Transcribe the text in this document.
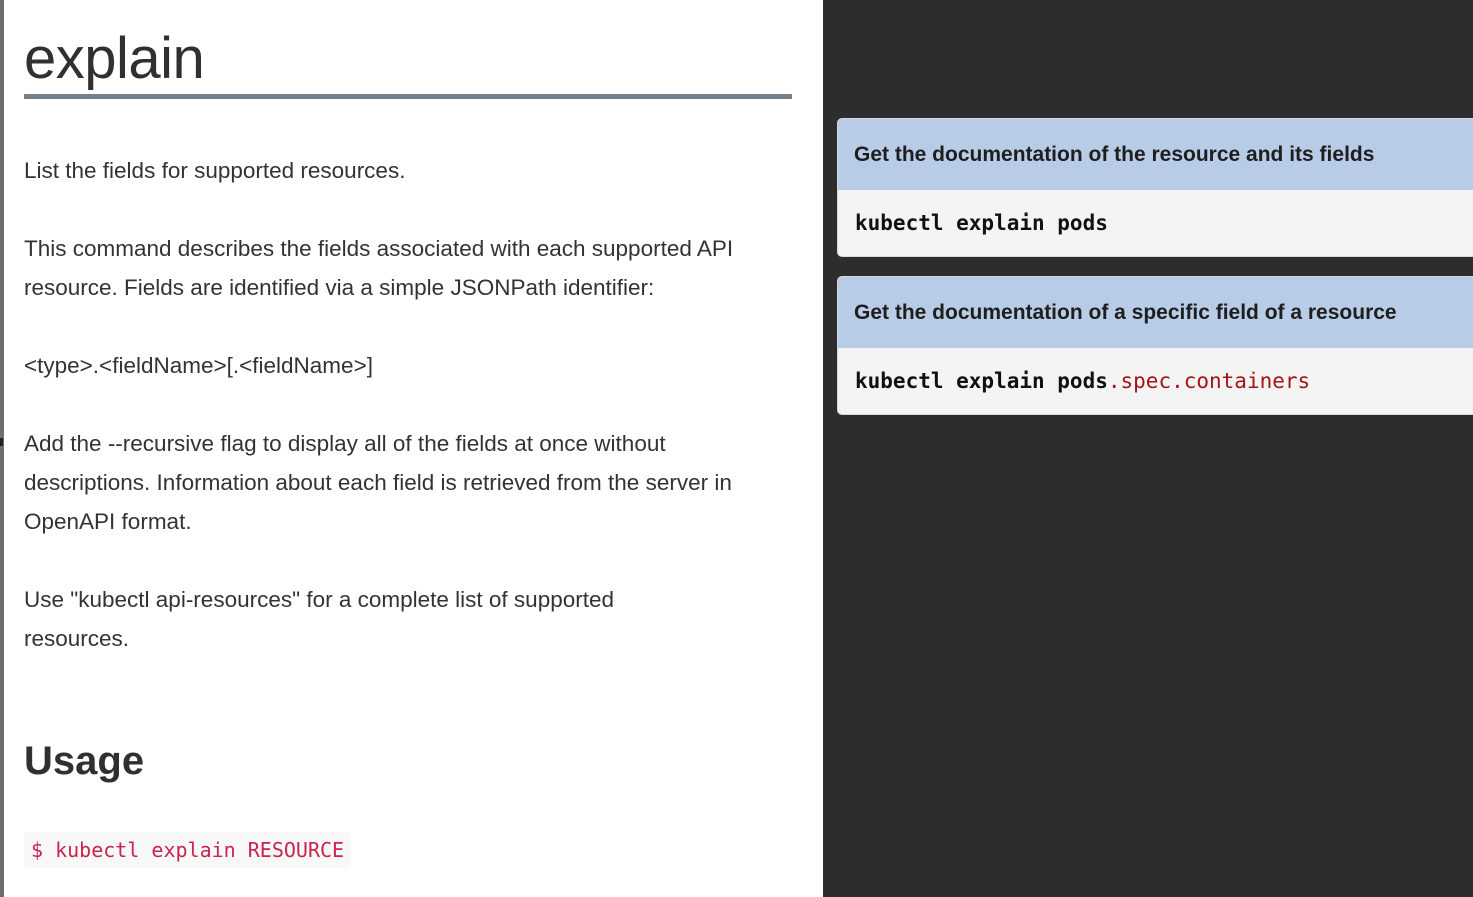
explain

List the fields for supported resources.

This command describes the fields associated with each supported API resource. Fields are identified via a simple JSONPath identifier:

<type>.<fieldName>[.<fieldName>]

Add the --recursive flag to display all of the fields at once without descriptions. Information about each field is retrieved from the server in OpenAPI format.

Use "kubectl api-resources" for a complete list of supported resources.

Usage
$ kubectl explain RESOURCE
Get the documentation of the resource and its fields
kubectl explain pods
Get the documentation of a specific field of a resource
kubectl explain pods .spec.containers
